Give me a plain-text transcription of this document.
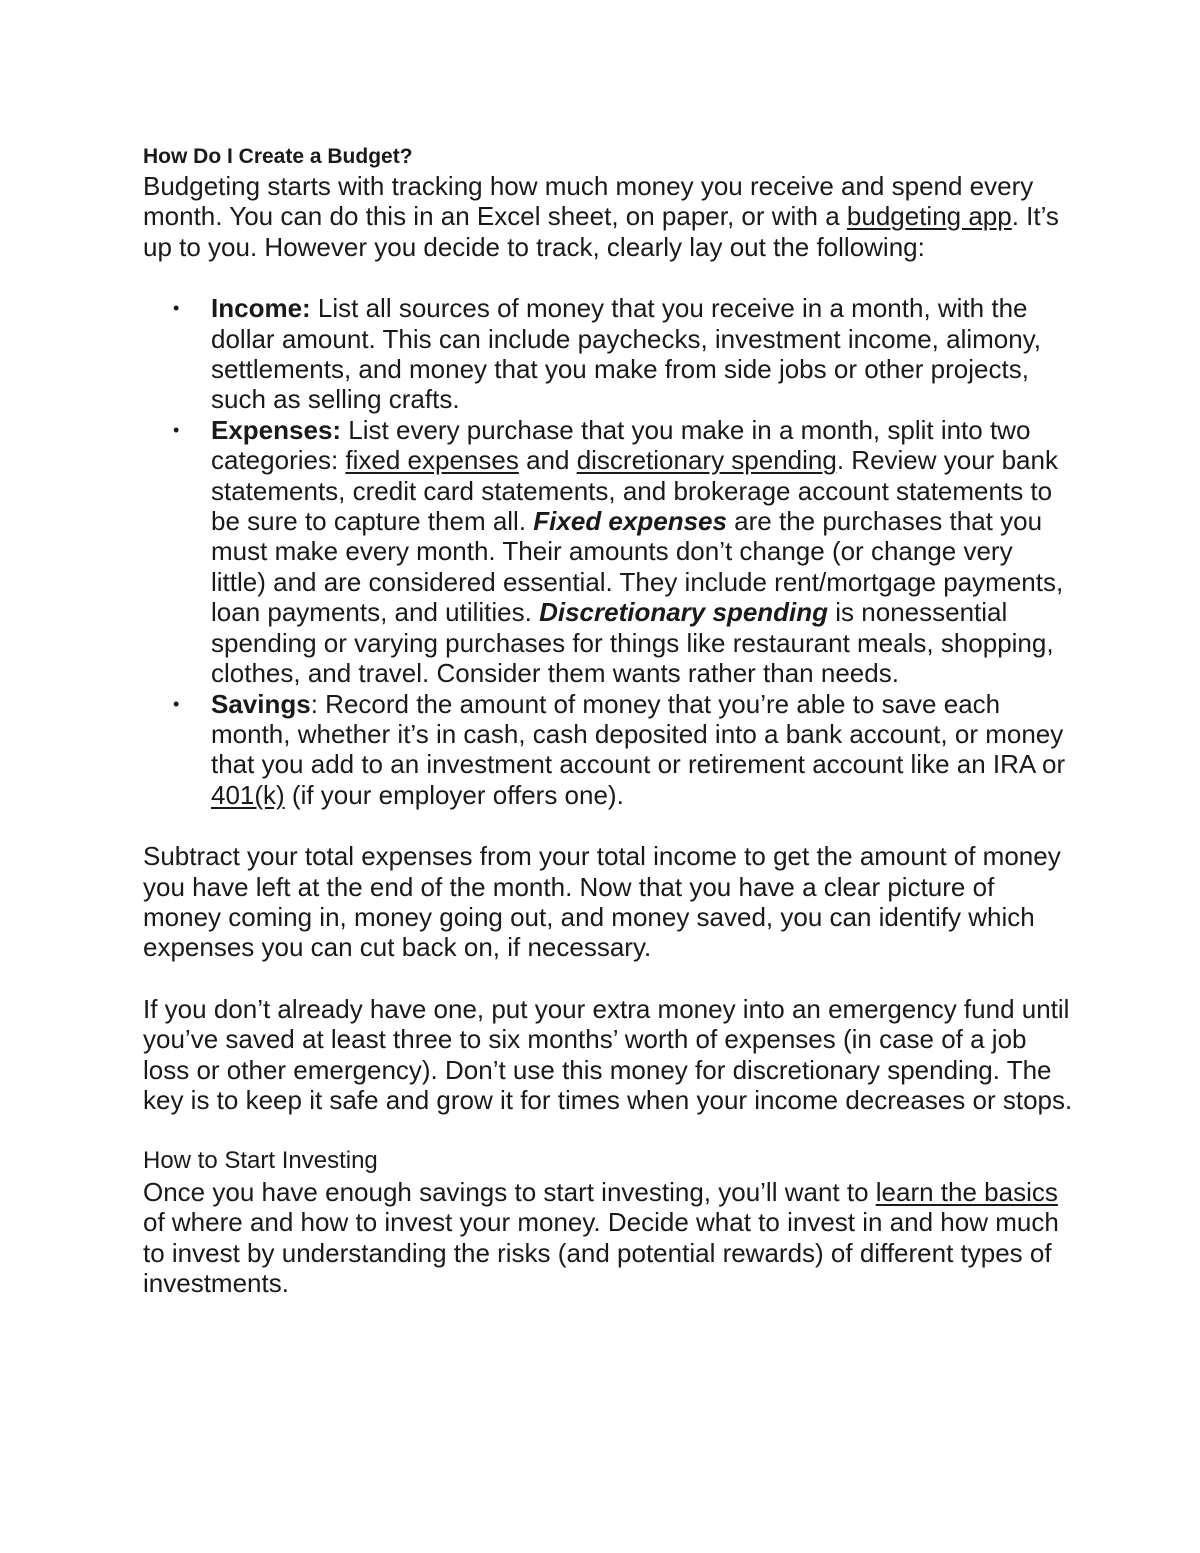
How Do I Create a Budget?

Budgeting starts with tracking how much money you receive and spend every month. You can do this in an Excel sheet, on paper, or with a budgeting app. It’s up to you. However you decide to track, clearly lay out the following:

• Income: List all sources of money that you receive in a month, with the dollar amount. This can include paychecks, investment income, alimony, settlements, and money that you make from side jobs or other projects, such as selling crafts.
• Expenses: List every purchase that you make in a month, split into two categories: fixed expenses and discretionary spending. Review your bank statements, credit card statements, and brokerage account statements to be sure to capture them all. Fixed expenses are the purchases that you must make every month. Their amounts don’t change (or change very little) and are considered essential. They include rent/mortgage payments, loan payments, and utilities. Discretionary spending is nonessential spending or varying purchases for things like restaurant meals, shopping, clothes, and travel. Consider them wants rather than needs.
• Savings: Record the amount of money that you’re able to save each month, whether it’s in cash, cash deposited into a bank account, or money that you add to an investment account or retirement account like an IRA or 401(k) (if your employer offers one).

Subtract your total expenses from your total income to get the amount of money you have left at the end of the month. Now that you have a clear picture of money coming in, money going out, and money saved, you can identify which expenses you can cut back on, if necessary.

If you don’t already have one, put your extra money into an emergency fund until you’ve saved at least three to six months’ worth of expenses (in case of a job loss or other emergency). Don’t use this money for discretionary spending. The key is to keep it safe and grow it for times when your income decreases or stops.

How to Start Investing

Once you have enough savings to start investing, you’ll want to learn the basics of where and how to invest your money. Decide what to invest in and how much to invest by understanding the risks (and potential rewards) of different types of investments.
